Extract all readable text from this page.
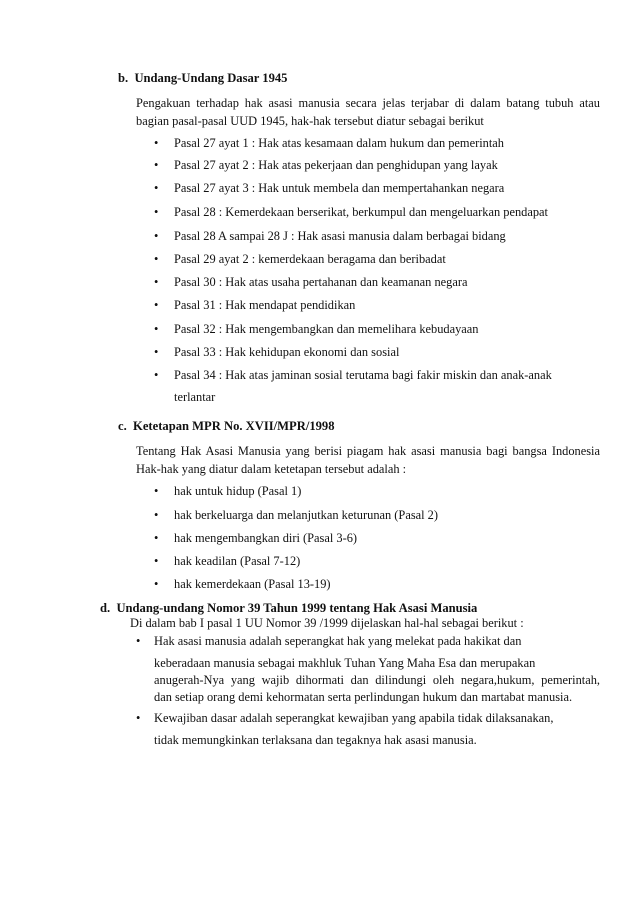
b. Undang-Undang Dasar 1945
Pengakuan terhadap hak asasi manusia secara jelas terjabar di dalam batang tubuh atau
bagian pasal-pasal UUD 1945, hak-hak tersebut diatur sebagai berikut
• Pasal 27 ayat 1 : Hak atas kesamaan dalam hukum dan pemerintah
• Pasal 27 ayat 2 : Hak atas pekerjaan dan penghidupan yang layak
• Pasal 27 ayat 3 : Hak untuk membela dan mempertahankan negara
• Pasal 28 : Kemerdekaan berserikat, berkumpul dan mengeluarkan pendapat
• Pasal 28 A sampai 28 J : Hak asasi manusia dalam berbagai bidang
• Pasal 29 ayat 2 : kemerdekaan beragama dan beribadat
• Pasal 30 : Hak atas usaha pertahanan dan keamanan negara
• Pasal 31 : Hak mendapat pendidikan
• Pasal 32 : Hak mengembangkan dan memelihara kebudayaan
• Pasal 33 : Hak kehidupan ekonomi dan sosial
• Pasal 34 : Hak atas jaminan sosial terutama bagi fakir miskin dan anak-anak
terlantar
c. Ketetapan MPR No. XVII/MPR/1998
Tentang Hak Asasi Manusia yang berisi piagam hak asasi manusia bagi bangsa Indonesia
Hak-hak yang diatur dalam ketetapan tersebut adalah :
• hak untuk hidup (Pasal 1)
• hak berkeluarga dan melanjutkan keturunan (Pasal 2)
• hak mengembangkan diri (Pasal 3-6)
• hak keadilan (Pasal 7-12)
• hak kemerdekaan (Pasal 13-19)
d. Undang-undang Nomor 39 Tahun 1999 tentang Hak Asasi Manusia
Di dalam bab I pasal 1 UU Nomor 39 /1999 dijelaskan hal-hal sebagai berikut :
• Hak asasi manusia adalah seperangkat hak yang melekat pada hakikat dan
keberadaan manusia sebagai makhluk Tuhan Yang Maha Esa dan merupakan
anugerah-Nya yang wajib dihormati dan dilindungi oleh negara,hukum, pemerintah,
dan setiap orang demi kehormatan serta perlindungan hukum dan martabat manusia.
• Kewajiban dasar adalah seperangkat kewajiban yang apabila tidak dilaksanakan,
tidak memungkinkan terlaksana dan tegaknya hak asasi manusia.
